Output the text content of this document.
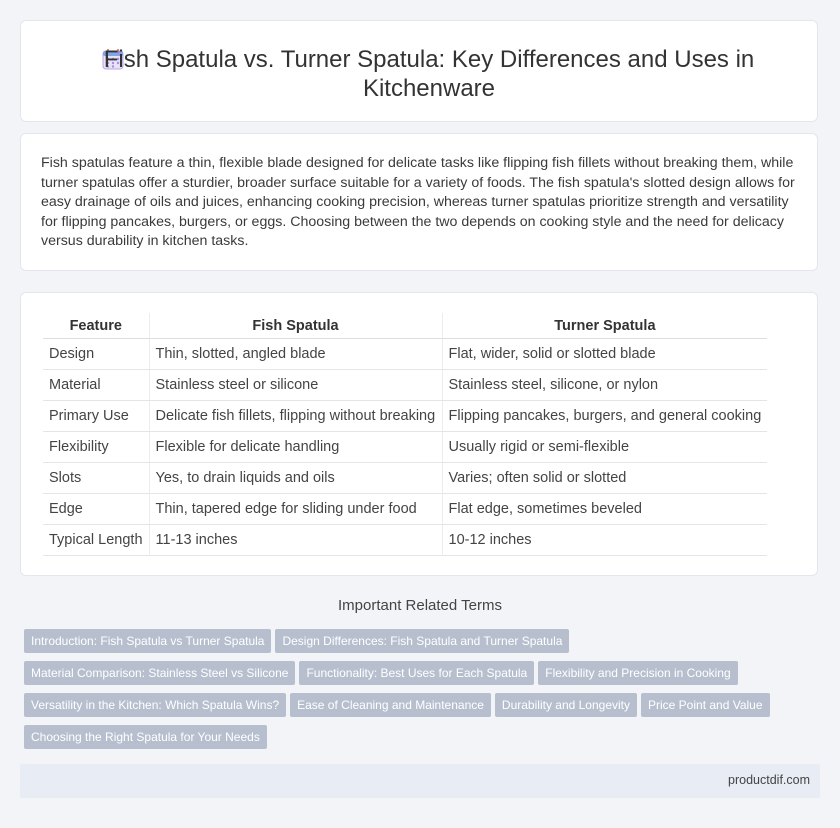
Fish Spatula vs. Turner Spatula: Key Differences and Uses in Kitchenware

Fish spatulas feature a thin, flexible blade designed for delicate tasks like flipping fish fillets without breaking them, while turner spatulas offer a sturdier, broader surface suitable for a variety of foods. The fish spatula's slotted design allows for easy drainage of oils and juices, enhancing cooking precision, whereas turner spatulas prioritize strength and versatility for flipping pancakes, burgers, or eggs. Choosing between the two depends on cooking style and the need for delicacy versus durability in kitchen tasks.

Feature	Fish Spatula	Turner Spatula
Design	Thin, slotted, angled blade	Flat, wider, solid or slotted blade
Material	Stainless steel or silicone	Stainless steel, silicone, or nylon
Primary Use	Delicate fish fillets, flipping without breaking	Flipping pancakes, burgers, and general cooking
Flexibility	Flexible for delicate handling	Usually rigid or semi-flexible
Slots	Yes, to drain liquids and oils	Varies; often solid or slotted
Edge	Thin, tapered edge for sliding under food	Flat edge, sometimes beveled
Typical Length	11-13 inches	10-12 inches
Important Related Terms
Introduction: Fish Spatula vs Turner Spatula Design Differences: Fish Spatula and Turner Spatula
Material Comparison: Stainless Steel vs Silicone Functionality: Best Uses for Each Spatula Flexibility and Precision in Cooking
Versatility in the Kitchen: Which Spatula Wins? Ease of Cleaning and Maintenance Durability and Longevity Price Point and Value
Choosing the Right Spatula for Your Needs
productdif.com
